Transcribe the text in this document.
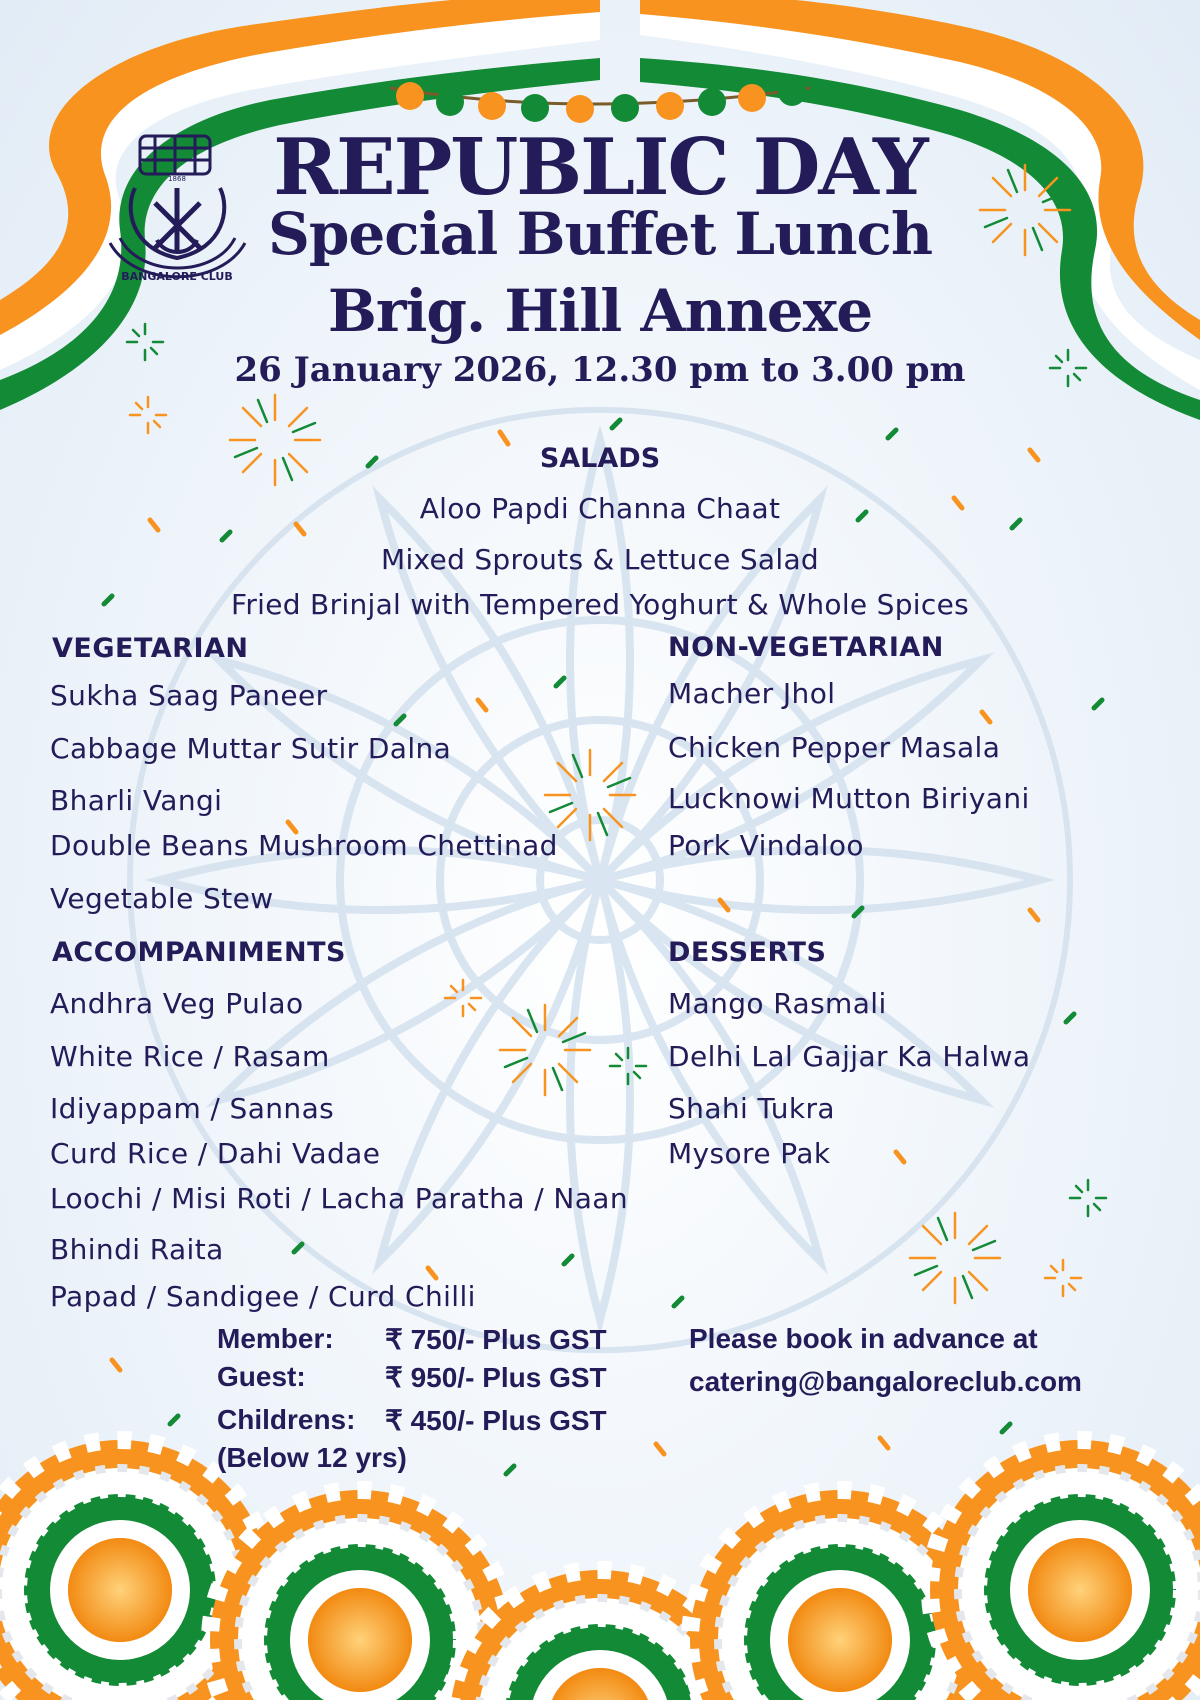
BANGALORE CLUB
1868	REPUBLIC DAY
Special Buffet Lunch
Brig. Hill Annexe
26 January 2026, 12.30 pm to 3.00 pm
SALADS
Aloo Papdi Channa Chaat
Mixed Sprouts & Lettuce Salad
Fried Brinjal with Tempered Yoghurt & Whole Spices
VEGETARIAN
Sukha Saag Paneer
Cabbage Muttar Sutir Dalna
Bharli Vangi
Double Beans Mushroom Chettinad
Vegetable Stew
NON-VEGETARIAN
Macher Jhol
Chicken Pepper Masala
Lucknowi Mutton Biriyani
Pork Vindaloo
ACCOMPANIMENTS
Andhra Veg Pulao
White Rice / Rasam
Idiyappam / Sannas
Curd Rice / Dahi Vadae
Loochi / Misi Roti / Lacha Paratha / Naan
Bhindi Raita
Papad / Sandigee / Curd Chilli
DESSERTS
Mango Rasmali
Delhi Lal Gajjar Ka Halwa
Shahi Tukra
Mysore Pak
Member: ₹ 750/- Plus GST
Guest:	₹ 950/- Plus GST
Childrens: ₹ 450/- Plus GST
(Below 12 yrs)
Please book in advance at
catering@bangaloreclub.com
